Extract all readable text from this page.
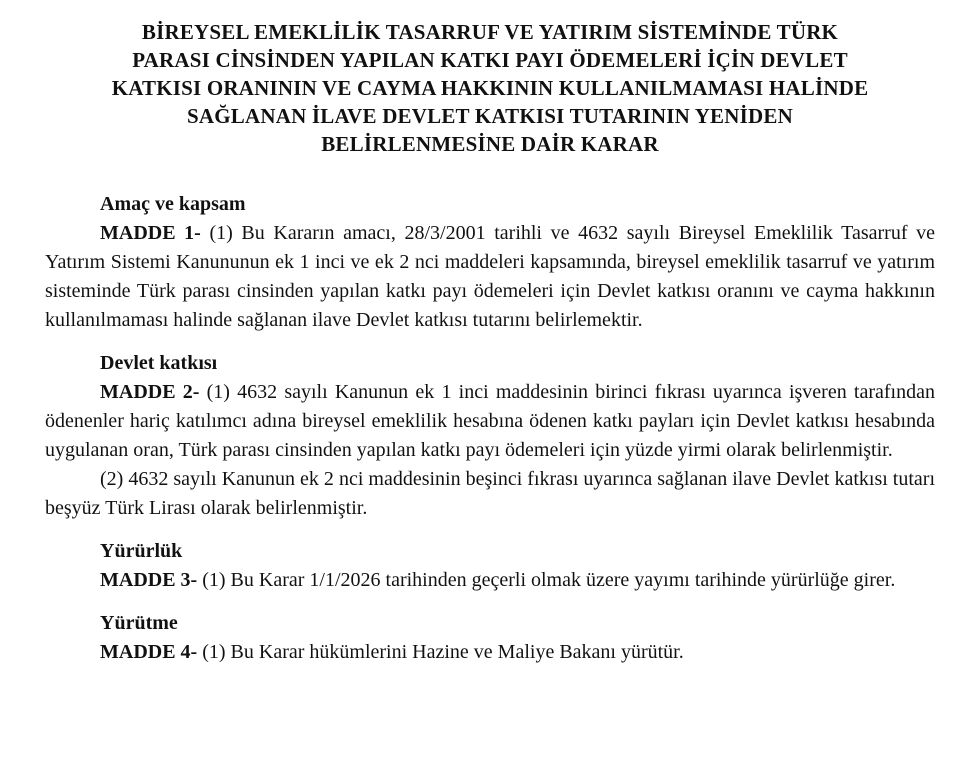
BİREYSEL EMEKLİLİK TASARRUF VE YATIRIM SİSTEMİNDE TÜRK
PARASI CİNSİNDEN YAPILAN KATKI PAYI ÖDEMELERİ İÇİN DEVLET
KATKISI ORANININ VE CAYMA HAKKININ KULLANILMAMASI HALİNDE
SAĞLANAN İLAVE DEVLET KATKISI TUTARININ YENİDEN
BELİRLENMESİNE DAİR KARAR
Amaç ve kapsam

MADDE 1- (1) Bu Kararın amacı, 28/3/2001 tarihli ve 4632 sayılı Bireysel Emeklilik Tasarruf ve Yatırım Sistemi Kanununun ek 1 inci ve ek 2 nci maddeleri kapsamında, bireysel emeklilik tasarruf ve yatırım sisteminde Türk parası cinsinden yapılan katkı payı ödemeleri için Devlet katkısı oranını ve cayma hakkının kullanılmaması halinde sağlanan ilave Devlet katkısı tutarını belirlemektir.

Devlet katkısı

MADDE 2- (1) 4632 sayılı Kanunun ek 1 inci maddesinin birinci fıkrası uyarınca işveren tarafından ödenenler hariç katılımcı adına bireysel emeklilik hesabına ödenen katkı payları için Devlet katkısı hesabında uygulanan oran, Türk parası cinsinden yapılan katkı payı ödemeleri için yüzde yirmi olarak belirlenmiştir.

(2) 4632 sayılı Kanunun ek 2 nci maddesinin beşinci fıkrası uyarınca sağlanan ilave Devlet katkısı tutarı beşyüz Türk Lirası olarak belirlenmiştir.

Yürürlük

MADDE 3- (1) Bu Karar 1/1/2026 tarihinden geçerli olmak üzere yayımı tarihinde yürürlüğe girer.

Yürütme

MADDE 4- (1) Bu Karar hükümlerini Hazine ve Maliye Bakanı yürütür.
